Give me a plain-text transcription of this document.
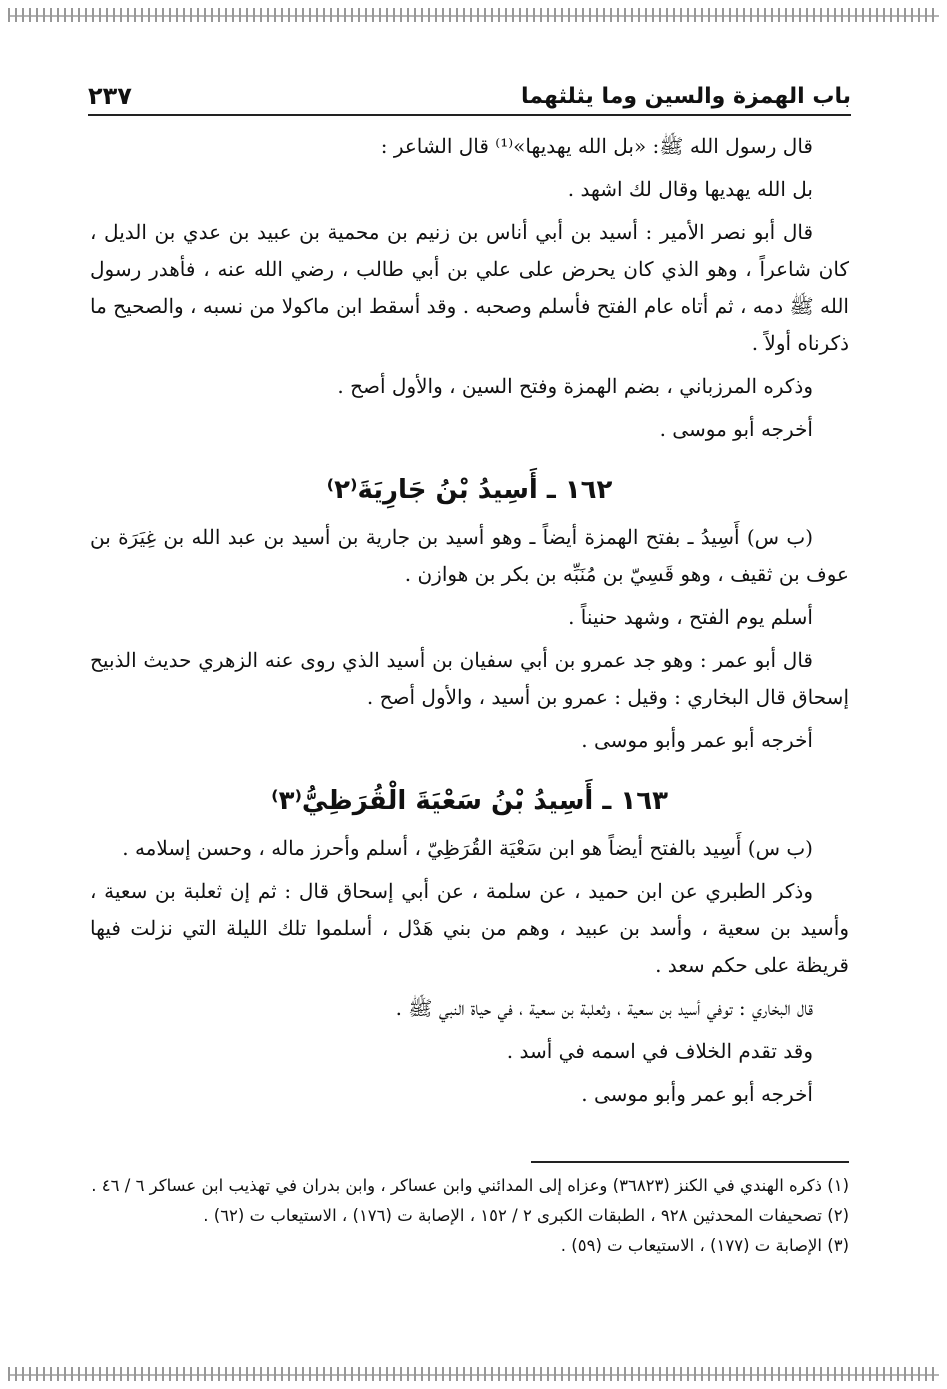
باب الهمزة والسين وما يثلثهما
٢٣٧

قال رسول الله ﷺ: «بل الله يهديها»⁽¹⁾ قال الشاعر :

بل الله يهديها وقال لك اشهد .

قال أبو نصر الأمير : أسيد بن أبي أناس بن زنيم بن محمية بن عبيد بن عدي بن الديل ، كان شاعراً ، وهو الذي كان يحرض على علي بن أبي طالب ، رضي الله عنه ، فأهدر رسول الله ﷺ دمه ، ثم أتاه عام الفتح فأسلم وصحبه . وقد أسقط ابن ماكولا من نسبه ، والصحيح ما ذكرناه أولاً .

وذكره المرزباني ، بضم الهمزة وفتح السين ، والأول أصح .

أخرجه أبو موسى .

١٦٢ ـ أَسِيدُ بْنُ جَارِيَةَ⁽٢⁾

(ب س) أَسِيدُ ـ بفتح الهمزة أيضاً ـ وهو أسيد بن جارية بن أسيد بن عبد الله بن غِيَرَة بن عوف بن ثقيف ، وهو قَسِيّ بن مُنَبِّه بن بكر بن هوازن .

أسلم يوم الفتح ، وشهد حنيناً .

قال أبو عمر : وهو جد عمرو بن أبي سفيان بن أسيد الذي روى عنه الزهري حديث الذبيح إسحاق قال البخاري : وقيل : عمرو بن أسيد ، والأول أصح .

أخرجه أبو عمر وأبو موسى .

١٦٣ ـ أَسِيدُ بْنُ سَعْيَةَ الْقُرَظِيُّ⁽٣⁾

(ب س) أَسِيد بالفتح أيضاً هو ابن سَعْيَة القُرَظِيّ ، أسلم وأحرز ماله ، وحسن إسلامه .

وذكر الطبري عن ابن حميد ، عن سلمة ، عن أبي إسحاق قال : ثم إن ثعلبة بن سعية ، وأسيد بن سعية ، وأسد بن عبيد ، وهم من بني هَدْل ، أسلموا تلك الليلة التي نزلت فيها قريظة على حكم سعد .

قال البخاري : توفي أسيد بن سعية ، وثعلبة بن سعية ، في حياة النبي ﷺ .

وقد تقدم الخلاف في اسمه في أسد .

أخرجه أبو عمر وأبو موسى .

(١) ذكره الهندي في الكنز (٣٦٨٢٣) وعزاه إلى المدائني وابن عساكر ، وابن بدران في تهذيب ابن عساكر ٦ / ٤٦ .

(٢) تصحيفات المحدثين ٩٢٨ ، الطبقات الكبرى ٢ / ١٥٢ ، الإصابة ت (١٧٦) ، الاستيعاب ت (٦٢) .

(٣) الإصابة ت (١٧٧) ، الاستيعاب ت (٥٩) .
